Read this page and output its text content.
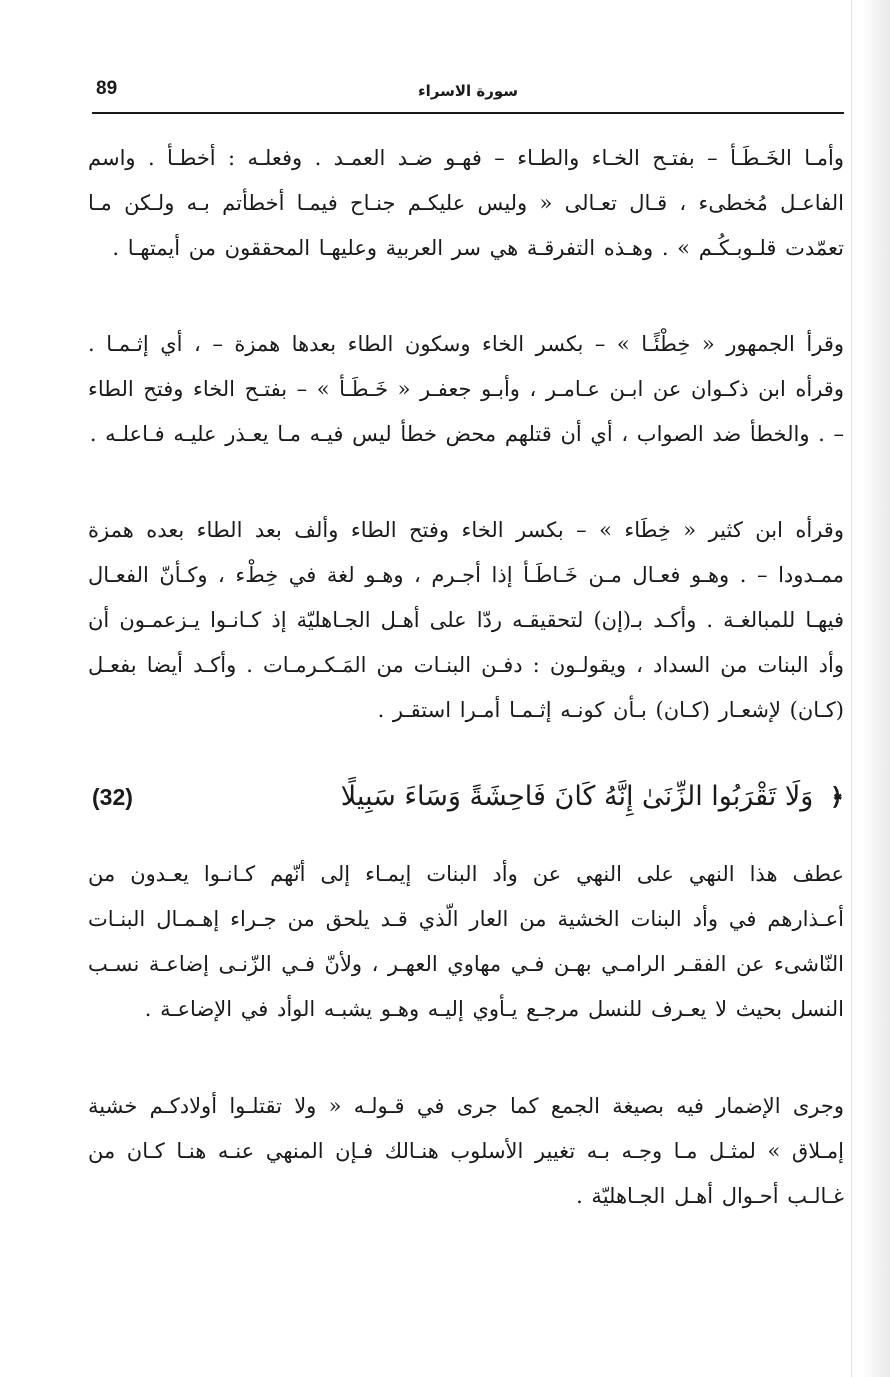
89	سورة الاسراء

وأمـا الخَـطَـأ – بفتـح الخـاء والطـاء – فهـو ضـد العمـد . وفعلـه : أخطـأ . واسم الفاعـل مُخطىء ، قـال تعـالى « وليس عليكـم جنـاح فيمـا أخطأتم بـه ولـكن مـا تعمّدت قلـوبـكُـم » . وهـذه التفرقـة هي سر العربية وعليهـا المحققون من أيمتهـا .

وقرأ الجمهور « خِطْئًـا » – بكسر الخاء وسكون الطاء بعدها همزة – ، أي إثـمـا . وقرأه ابن ذكـوان عن ابـن عـامـر ، وأبـو جعفـر « خَـطَـأ » – بفتـح الخاء وفتح الطاء – . والخطأ ضد الصواب ، أي أن قتلهم محض خطأ ليس فيـه مـا يعـذر عليـه فـاعلـه .

وقرأه ابن كثير « خِطَاء » – بكسر الخاء وفتح الطاء وألف بعد الطاء بعده همزة ممـدودا – . وهـو فعـال مـن خَـاطَـأ إذا أجـرم ، وهـو لغة في خِطْء ، وكـأنّ الفعـال فيهـا للمبالغـة . وأكـد بـ(إن) لتحقيقـه ردّا على أهـل الجـاهليّة إذ كـانـوا يـزعمـون أن وأد البنات من السداد ، ويقولـون : دفـن البنـات من المَـكـرمـات . وأكـد أيضا بفعـل (كـان) لإشعـار (كـان) بـأن كونـه إثـمـا أمـرا استقـر .

﴿ وَلَا تَقْرَبُوا الزِّنَىٰ إِنَّهُ كَانَ فَاحِشَةً وَسَاءَ سَبِيلًا
(32)

عطف هذا النهي على النهي عن وأد البنات إيمـاء إلى أنّهم كـانـوا يعـدون من أعـذارهم في وأد البنات الخشية من العار الّذي قـد يلحق من جـراء إهـمـال البنـات النّاشىء عن الفقـر الرامـي بهـن فـي مهاوي العهـر ، ولأنّ فـي الزّنـى إضاعـة نسـب النسل بحيث لا يعـرف للنسل مرجـع يـأوي إليـه وهـو يشبـه الوأد في الإضاعـة .

وجرى الإضمار فيه بصيغة الجمع كما جرى في قـولـه « ولا تقتلـوا أولادكـم خشية إمـلاق » لمثـل مـا وجـه بـه تغيير الأسلوب هنـالك فـإن المنهي عنـه هنـا كـان من غـالـب أحـوال أهـل الجـاهليّة .
